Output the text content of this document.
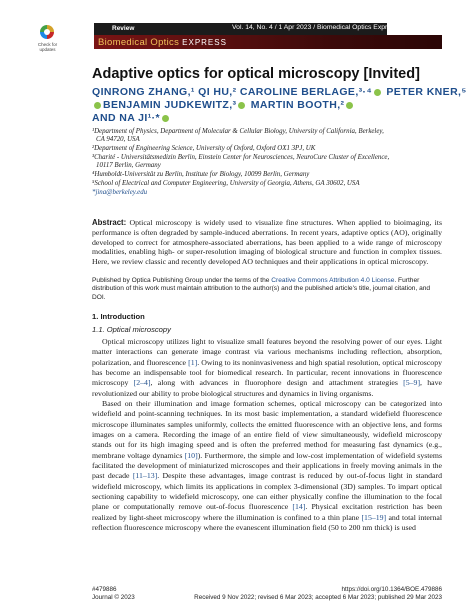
Review	Vol. 14, No. 4 / 1 Apr 2023 / Biomedical Optics Express 1732
Biomedical Optics EXPRESS
Check for updates
Adaptive optics for optical microscopy [Invited]
QINRONG ZHANG,¹ QI HU,² CAROLINE BERLAGE,³·⁴ PETER KNER,⁵
BENJAMIN JUDKEWITZ,³ MARTIN BOOTH,²
AND NA JI¹·*
¹Department of Physics, Department of Molecular & Cellular Biology, University of California, Berkeley,
CA 94720, USA
²Department of Engineering Science, University of Oxford, Oxford OX1 3PJ, UK
³Charité - Universitätsmedizin Berlin, Einstein Center for Neurosciences, NeuroCure Cluster of Excellence,
10117 Berlin, Germany
⁴Humboldt-Universität zu Berlin, Institute for Biology, 10099 Berlin, Germany
⁵School of Electrical and Computer Engineering, University of Georgia, Athens, GA 30602, USA
*jina@berkeley.edu
Abstract: Optical microscopy is widely used to visualize fine structures. When applied to bioimaging, its performance is often degraded by sample-induced aberrations. In recent years, adaptive optics (AO), originally developed to correct for atmosphere-associated aberrations, has been applied to a wide range of microscopy modalities, enabling high- or super-resolution imaging of biological structure and function in complex tissues. Here, we review classic and recently developed AO techniques and their applications in optical microscopy.
Published by Optica Publishing Group under the terms of the Creative Commons Attribution 4.0 License. Further distribution of this work must maintain attribution to the author(s) and the published article's title, journal citation, and DOI.
1. Introduction
1.1. Optical microscopy
Optical microscopy utilizes light to visualize small features beyond the resolving power of our eyes. Light matter interactions can generate image contrast via various mechanisms including reflection, absorption, polarization, and fluorescence [1]. Owing to its noninvasiveness and high spatial resolution, optical microscopy has become an indispensable tool for biomedical research. In particular, recent innovations in fluorescence microscopy [2–4], along with advances in fluorophore design and attachment strategies [5–9], have revolutionized our ability to probe biological structures and dynamics in living organisms.
Based on their illumination and image formation schemes, optical microscopy can be categorized into widefield and point-scanning techniques. In its most basic implementation, a standard widefield fluorescence microscope illuminates samples uniformly, collects the emitted fluorescence with an objective lens, and forms images on a camera. Recording the image of an entire field of view simultaneously, widefield microscopy stands out for its high imaging speed and is often the preferred method for measuring fast dynamics (e.g., membrane voltage dynamics [10]). Furthermore, the simple and low-cost implementation of widefield systems facilitated the development of miniaturized microscopes and their applications in freely moving animals in the past decade [11–13]. Despite these advantages, image contrast is reduced by out-of-focus light in standard widefield microscopy, which limits its applications in complex 3-dimensional (3D) samples. To impart optical sectioning capability to widefield microscopy, one can either physically confine the illumination to the focal plane or computationally remove out-of-focus fluorescence [14]. Physical excitation restriction has been realized by light-sheet microscopy where the illumination is confined to a thin plane [15–19] and total internal reflection fluorescence microscopy where the evanescent illumination field (50 to 200 nm thick) is used
#479886
Journal © 2023
https://doi.org/10.1364/BOE.479886
Received 9 Nov 2022; revised 6 Mar 2023; accepted 6 Mar 2023; published 29 Mar 2023
